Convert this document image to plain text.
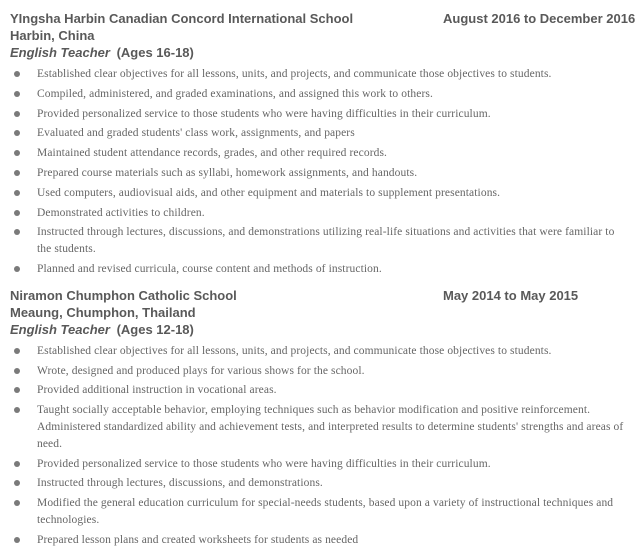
YIngsha Harbin Canadian Concord International School	August 2016 to December 2016
Harbin, China
English Teacher (Ages 16-18)
Established clear objectives for all lessons, units, and projects, and communicate those objectives to students.
Compiled, administered, and graded examinations, and assigned this work to others.
Provided personalized service to those students who were having difficulties in their curriculum.
Evaluated and graded students' class work, assignments, and papers
Maintained student attendance records, grades, and other required records.
Prepared course materials such as syllabi, homework assignments, and handouts.
Used computers, audiovisual aids, and other equipment and materials to supplement presentations.
Demonstrated activities to children.
Instructed through lectures, discussions, and demonstrations utilizing real-life situations and activities that were familiar to the students.
Planned and revised curricula, course content and methods of instruction.
Niramon Chumphon Catholic School	May 2014 to May 2015
Meaung, Chumphon, Thailand
English Teacher (Ages 12-18)
Established clear objectives for all lessons, units, and projects, and communicate those objectives to students.
Wrote, designed and produced plays for various shows for the school.
Provided additional instruction in vocational areas.
Taught socially acceptable behavior, employing techniques such as behavior modification and positive reinforcement. Administered standardized ability and achievement tests, and interpreted results to determine students' strengths and areas of need.
Provided personalized service to those students who were having difficulties in their curriculum.
Instructed through lectures, discussions, and demonstrations.
Modified the general education curriculum for special-needs students, based upon a variety of instructional techniques and technologies.
Prepared lesson plans and created worksheets for students as needed
